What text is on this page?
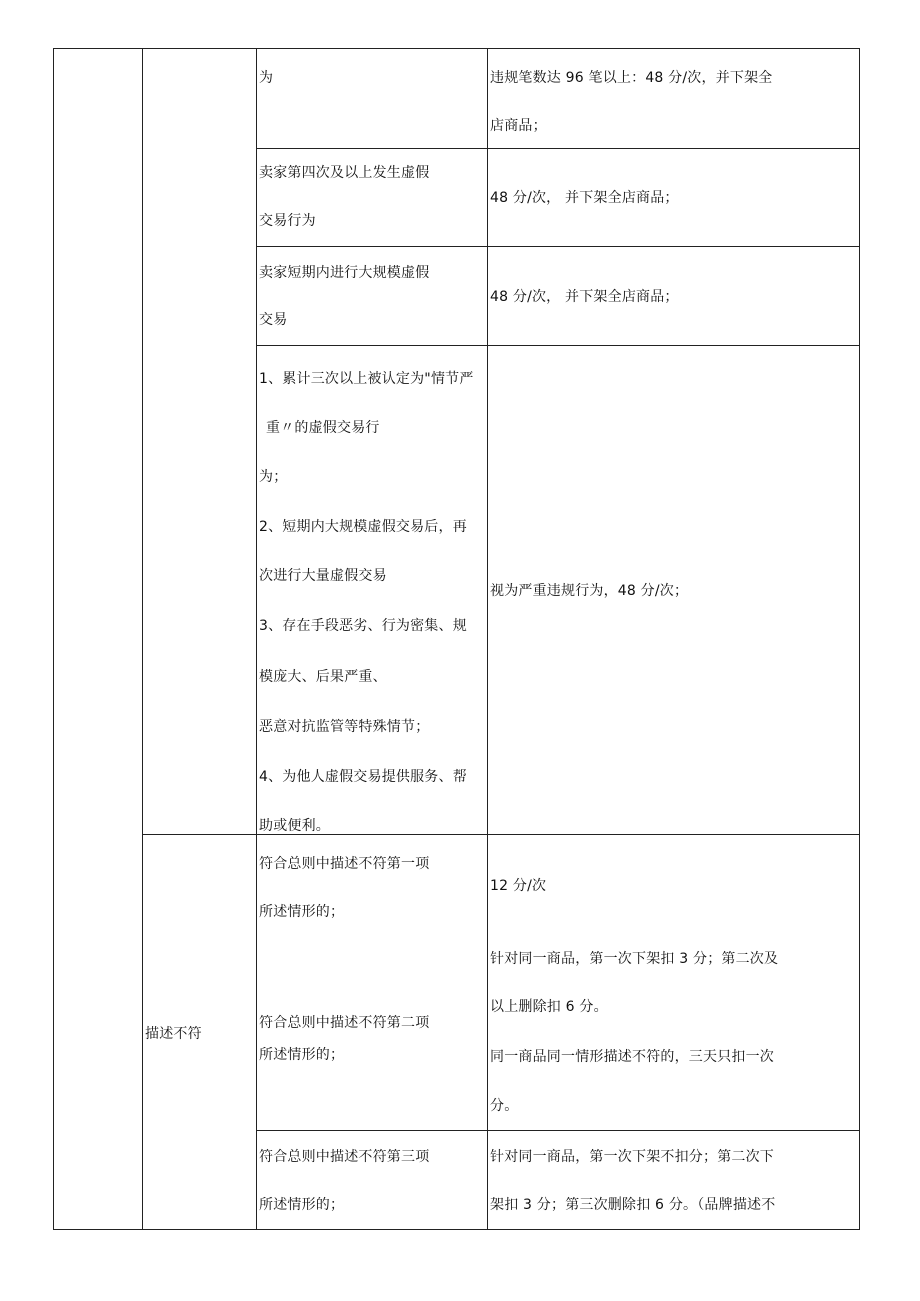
为	违规笔数达 96 笔以上：48 分/次，并下架全
店商品；
卖家第四次及以上发生虚假
交易行为
48 分/次， 并下架全店商品；
卖家短期内进行大规模虚假
交易
48 分/次， 并下架全店商品；
1、累计三次以上被认定为"情节严
重〃的虚假交易行
为；
2、短期内大规模虚假交易后，再
次进行大量虚假交易
3、存在手段恶劣、行为密集、规
模庞大、后果严重、
恶意对抗监管等特殊情节；
4、为他人虚假交易提供服务、帮
助或便利。
视为严重违规行为，48 分/次；
描述不符
符合总则中描述不符第一项
所述情形的；
符合总则中描述不符第二项
所述情形的；
12 分/次
针对同一商品，第一次下架扣 3 分；第二次及
以上删除扣 6 分。
同一商品同一情形描述不符的，三天只扣一次
分。
符合总则中描述不符第三项
所述情形的；
针对同一商品，第一次下架不扣分；第二次下
架扣 3 分；第三次删除扣 6 分。（品牌描述不
